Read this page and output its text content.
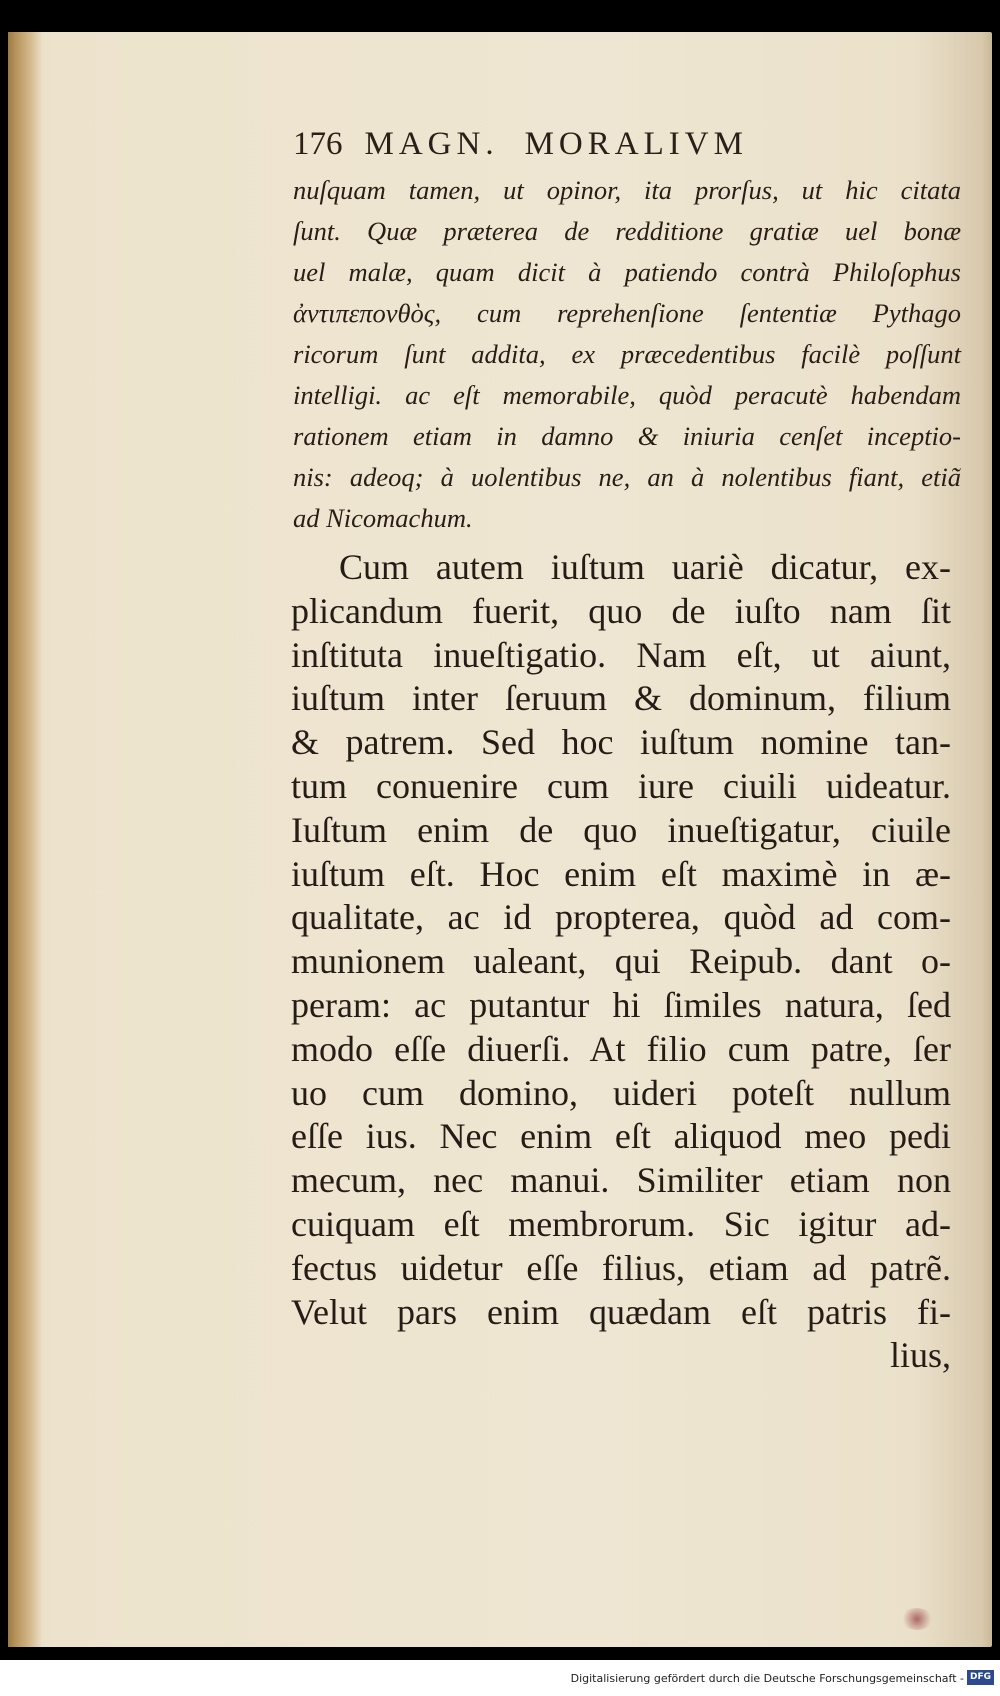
176 MAGN. MORALIVM
nuſquam tamen, ut opinor, ita prorſus, ut hic citata
ſunt. Quæ præterea de redditione gratiæ uel bonæ
uel malæ, quam dicit à patiendo contrà Philoſophus
ἀντιπεπονθὸς, cum reprehenſione ſententiæ Pythago
ricorum ſunt addita, ex præcedentibus facilè poſſunt
intelligi. ac eſt memorabile, quòd peracutè habendam
rationem etiam in damno & iniuria cenſet inceptio-
nis: adeoq; à uolentibus ne, an à nolentibus fiant, etiã
ad Nicomachum.
Cum autem iuſtum uariè dicatur, ex-
plicandum fuerit, quo de iuſto nam ſit
inſtituta inueſtigatio. Nam eſt, ut aiunt,
iuſtum inter ſeruum & dominum, filium
& patrem. Sed hoc iuſtum nomine tan-
tum conuenire cum iure ciuili uideatur.
Iuſtum enim de quo inueſtigatur, ciuile
iuſtum eſt. Hoc enim eſt maximè in æ-
qualitate, ac id propterea, quòd ad com-
munionem ualeant, qui Reipub. dant o-
peram: ac putantur hi ſimiles natura, ſed
modo eſſe diuerſi. At filio cum patre, ſer
uo cum domino, uideri poteſt nullum
eſſe ius. Nec enim eſt aliquod meo pedi
mecum, nec manui. Similiter etiam non
cuiquam eſt membrorum. Sic igitur ad-
fectus uidetur eſſe filius, etiam ad patrẽ.
Velut pars enim quædam eſt patris fi-
lius,
Digitalisierung gefördert durch die Deutsche Forschungsgemeinschaft - DFG
